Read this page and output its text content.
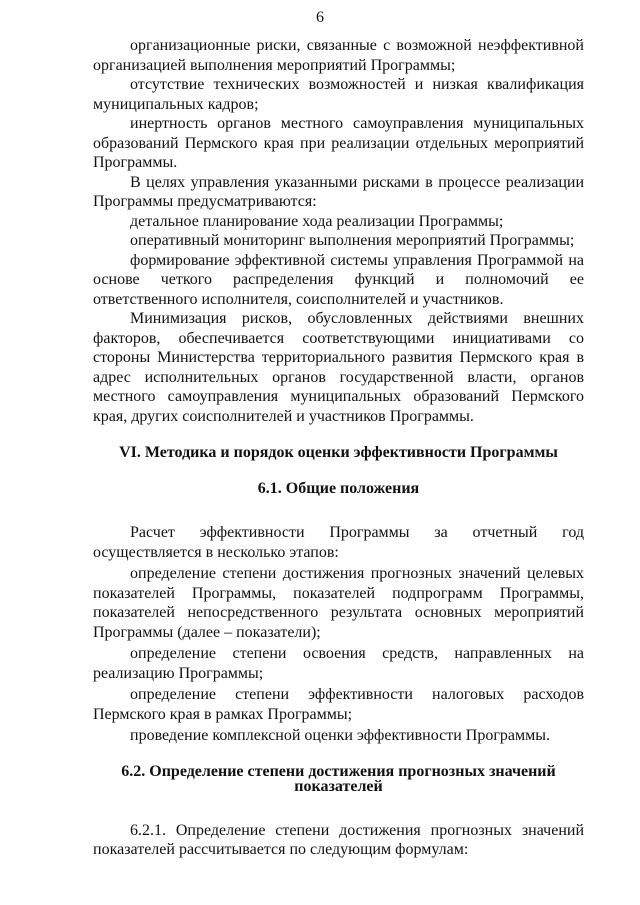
6

организационные риски, связанные с возможной неэффективной организацией выполнения мероприятий Программы;

отсутствие технических возможностей и низкая квалификация муниципальных кадров;

инертность органов местного самоуправления муниципальных образований Пермского края при реализации отдельных мероприятий Программы.

В целях управления указанными рисками в процессе реализации Программы предусматриваются:

детальное планирование хода реализации Программы;

оперативный мониторинг выполнения мероприятий Программы;

формирование эффективной системы управления Программой на основе четкого распределения функций и полномочий ее ответственного исполнителя, соисполнителей и участников.

Минимизация рисков, обусловленных действиями внешних факторов, обеспечивается соответствующими инициативами со стороны Министерства территориального развития Пермского края в адрес исполнительных органов государственной власти, органов местного самоуправления муниципальных образований Пермского края, других соисполнителей и участников Программы.

VI. Методика и порядок оценки эффективности Программы

6.1. Общие положения

Расчет эффективности Программы за отчетный год осуществляется в несколько этапов:

определение степени достижения прогнозных значений целевых показателей Программы, показателей подпрограмм Программы, показателей непосредственного результата основных мероприятий Программы (далее – показатели);

определение степени освоения средств, направленных на реализацию Программы;

определение степени эффективности налоговых расходов Пермского края в рамках Программы;

проведение комплексной оценки эффективности Программы.

6.2. Определение степени достижения прогнозных значений
показателей

6.2.1. Определение степени достижения прогнозных значений показателей рассчитывается по следующим формулам:
